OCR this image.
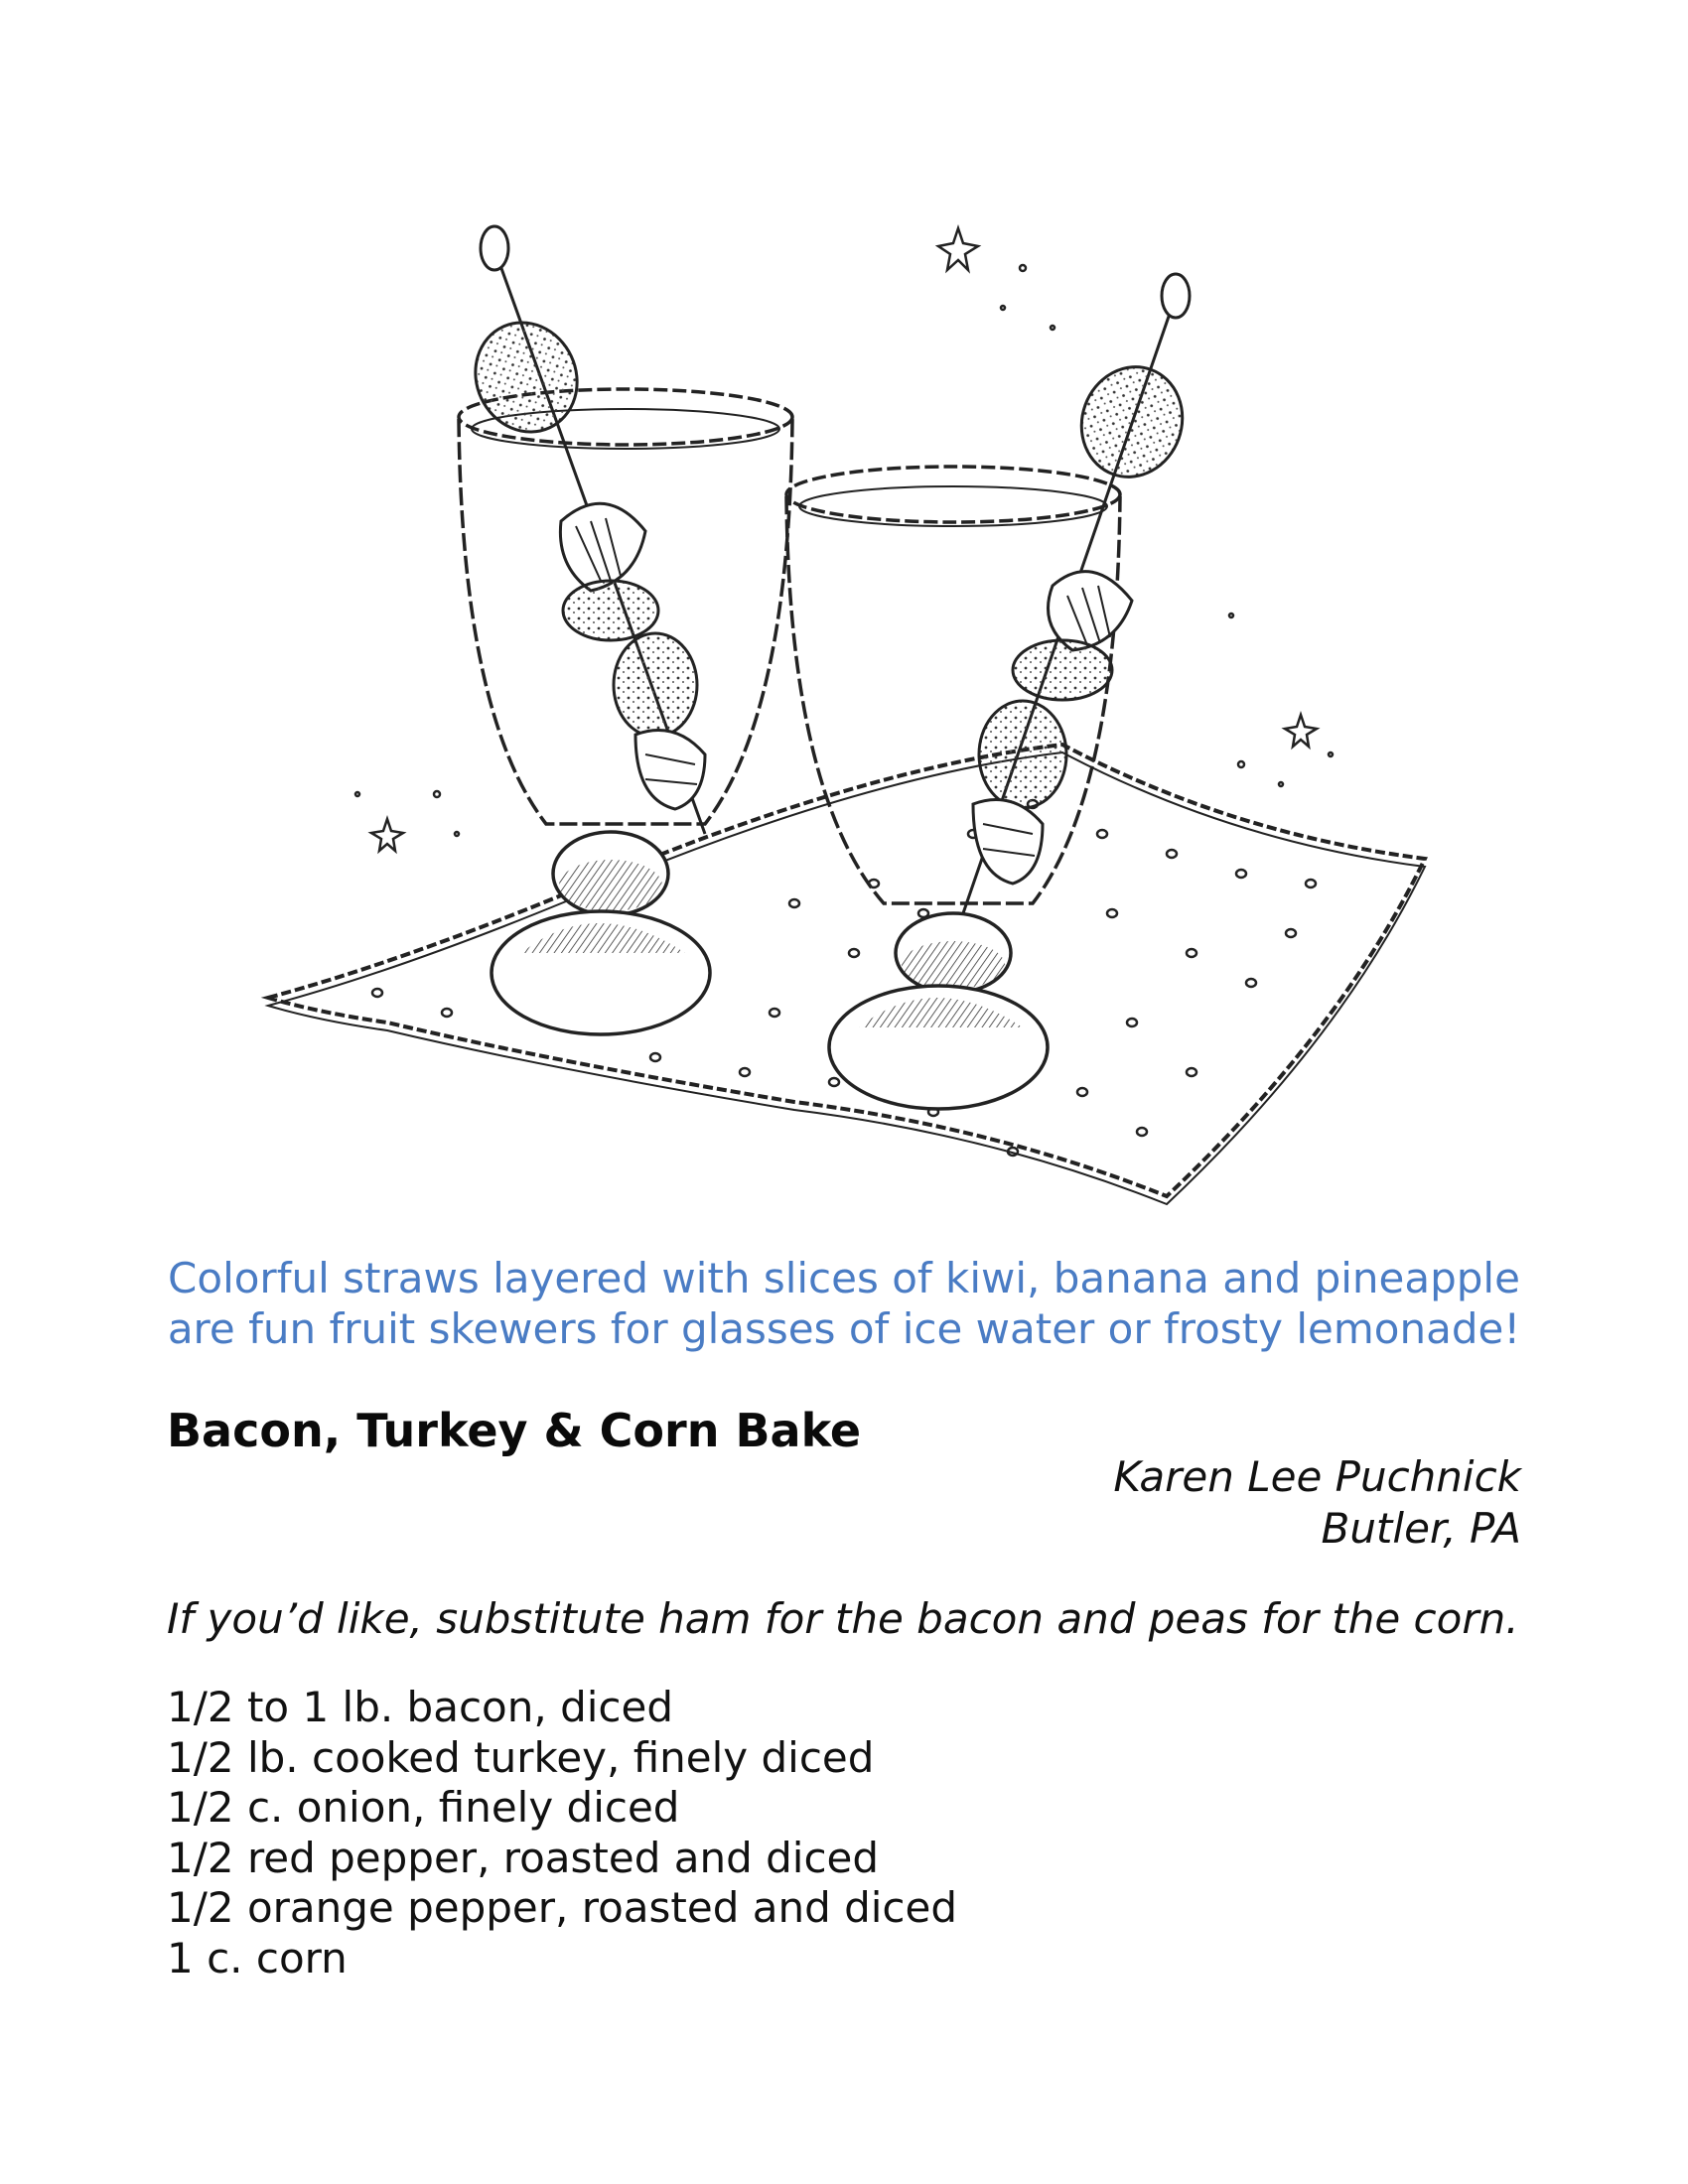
Colorful straws layered with slices of kiwi, banana and pineapple
are fun fruit skewers for glasses of ice water or frosty lemonade!
Bacon, Turkey & Corn Bake
Karen Lee Puchnick
Butler, PA
If you’d like, substitute ham for the bacon and peas for the corn.
1/2 to 1 lb. bacon, diced
1/2 lb. cooked turkey, finely diced
1/2 c. onion, finely diced
1/2 red pepper, roasted and diced
1/2 orange pepper, roasted and diced
1 c. corn
